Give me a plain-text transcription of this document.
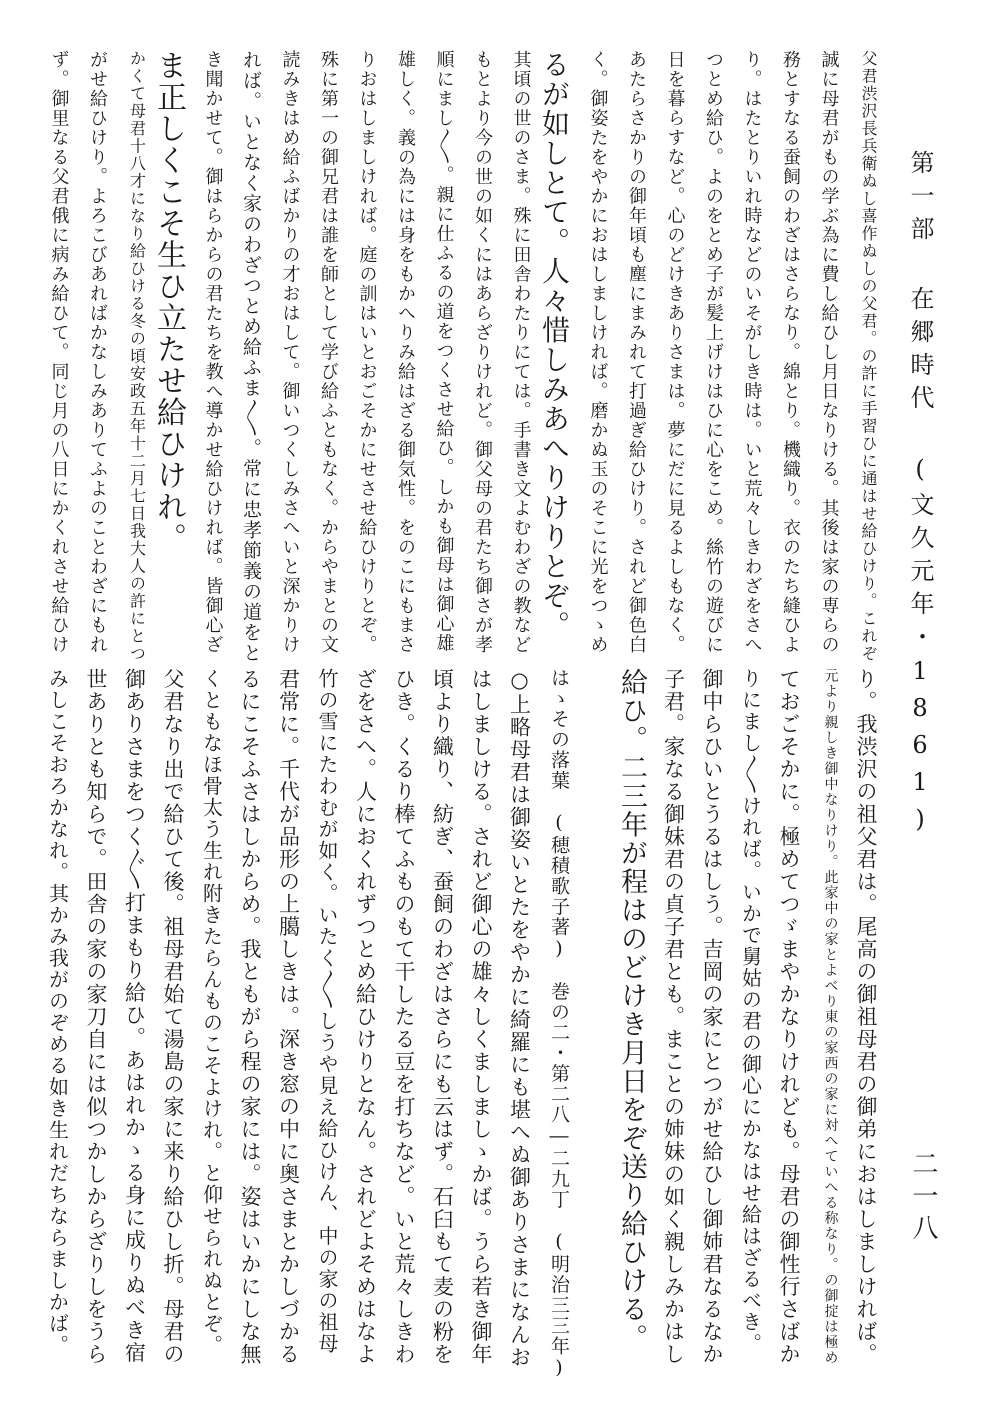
第一部 在郷時代 (文久元年・1861)
二一八
父君渋沢長兵衛ぬし喜作ぬしの父君。の許に手習ひに通はせ給ひけり。これぞ
誠に母君がもの学ぶ為に費し給ひし月日なりける。其後は家の専らの
務とすなる蚕飼のわざはさらなり。綿とり。機織り。衣のたち縫ひよ
り。はたとりいれ時などのいそがしき時は。いと荒々しきわざをさへ
つとめ給ひ。よのをとめ子が髪上げけはひに心をこめ。絲竹の遊びに
日を暮らすなど。心のどけきありさまは。夢にだに見るよしもなく。
あたらさかりの御年頃も塵にまみれて打過ぎ給ひけり。されど御色白
く。御姿たをやかにおはしましければ。磨かぬ玉のそこに光をつゝめ
るが如しとて。人々惜しみあへりけりとぞ。
其頃の世のさま。殊に田舎わたりにては。手書き文よむわざの教など
もとより今の世の如くにはあらざりけれど。御父母の君たち御さが孝
順にまし〳〵。親に仕ふるの道をつくさせ給ひ。しかも御母は御心雄
雄しく。義の為には身をもかへりみ給はざる御気性。をのこにもまさ
りおはしましければ。庭の訓はいとおごそかにせさせ給ひけりとぞ。
殊に第一の御兄君は誰を師として学び給ふともなく。からやまとの文
読みきはめ給ふばかりの才おはして。御いつくしみさへいと深かりけ
れば。いとなく家のわざつとめ給ふま〳〵。常に忠孝節義の道をと
き聞かせて。御はらからの君たちを教へ導かせ給ひければ。皆御心ざ
ま正しくこそ生ひ立たせ給ひけれ。
かくて母君十八才になり給ひける冬の頃安政五年十二月七日我大人の許にとつ
がせ給ひけり。よろこびあればかなしみありてふよのことわざにもれ
ず。御里なる父君俄に病み給ひて。同じ月の八日にかくれさせ給ひけ
り。我渋沢の祖父君は。尾高の御祖母君の御弟におはしましければ。
元より親しき御中なりけり。此家中の家とよべり東の家西の家に対へていへる称なり。の御掟は極め
ておごそかに。極めてつゞまやかなりけれども。母君の御性行さばか
りにまし〳〵ければ。いかで舅姑の君の御心にかなはせ給はざるべき。
御中らひいとうるはしう。吉岡の家にとつがせ給ひし御姉君なるなか
子君。家なる御妹君の貞子君とも。まことの姉妹の如く親しみかはし
給ひ。二三年が程はのどけき月日をぞ送り給ひける。
はゝその落葉　(穂積歌子著)　巻の二・第二八―二九丁　(明治三三年)
○上略母君は御姿いとたをやかに綺羅にも堪へぬ御ありさまになんお
はしましける。されど御心の雄々しくましましゝかば。うら若き御年
頃より織り、紡ぎ、蚕飼のわざはさらにも云はず。石臼もて麦の粉を
ひき。くるり棒てふものもて干したる豆を打ちなど。いと荒々しきわ
ざをさへ。人におくれずつとめ給ひけりとなん。されどよそめはなよ
竹の雪にたわむが如く。いたく〳〵しうや見え給ひけん、中の家の祖母
君常に。千代が品形の上臈しきは。深き窓の中に奥さまとかしづかる
るにこそふさはしからめ。我ともがら程の家には。姿はいかにしな無
くともなほ骨太う生れ附きたらんものこそよけれ。と仰せられぬとぞ。
父君なり出で給ひて後。祖母君始て湯島の家に来り給ひし折。母君の
御ありさまをつく〴〵打まもり給ひ。あはれかゝる身に成りぬべき宿
世ありとも知らで。田舎の家の家刀自には似つかしからざりしをうら
みしこそおろかなれ。其かみ我がのぞめる如き生れだちならましかば。
